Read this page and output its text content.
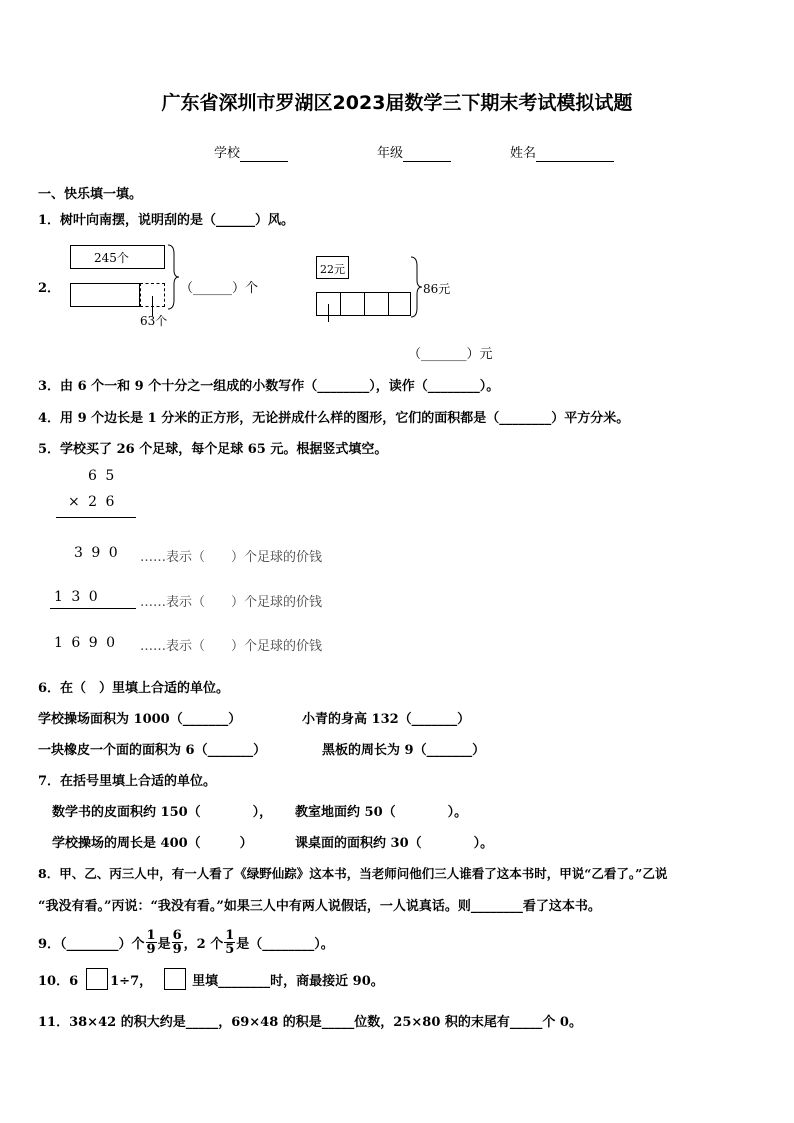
广东省深圳市罗湖区2023届数学三下期末考试模拟试题
学校	年级	姓名
一、快乐填一填。
1．树叶向南摆，说明刮的是（______）风。
2．
245个
63个
（______）个
22元
86元
（_______）元
3．由 6 个一和 9 个十分之一组成的小数写作（________），读作（________）。
4．用 9 个边长是 1 分米的正方形，无论拼成什么样的图形，它们的面积都是（________）平方分米。
5．学校买了 26 个足球，每个足球 65 元。根据竖式填空。
6 5
× 2 6
3 9 0 ……表示（　　）个足球的价钱
1 3 0	……表示（　　）个足球的价钱
1 6 9 0 ……表示（　　）个足球的价钱
6．在（　）里填上合适的单位。
学校操场面积为 1000（_______）	小青的身高 132（_______）
一块橡皮一个面的面积为 6（_______）	黑板的周长为 9（_______）
7．在括号里填上合适的单位。
数学书的皮面积约 150（　　　　）， 教室地面约 50（　　　　）。
学校操场的周长是 400（　　　）	课桌面的面积约 30（　　　　）。
8．甲、乙、丙三人中，有一人看了《绿野仙踪》这本书，当老师问他们三人谁看了这本书时，甲说“乙看了。”乙说
“我没有看。”丙说：“我没有看。”如果三人中有两人说假话，一人说真话。则________看了这本书。
9．（________）个 $\frac{1}{9}$ 是 $\frac{6}{9}$ ，2 个 $\frac{1}{5}$ 是（________）。
10．6 1÷7，	里填________时，商最接近 90。
11．38×42 的积大约是_____，69×48 的积是_____位数，25×80 积的末尾有_____个 0。
